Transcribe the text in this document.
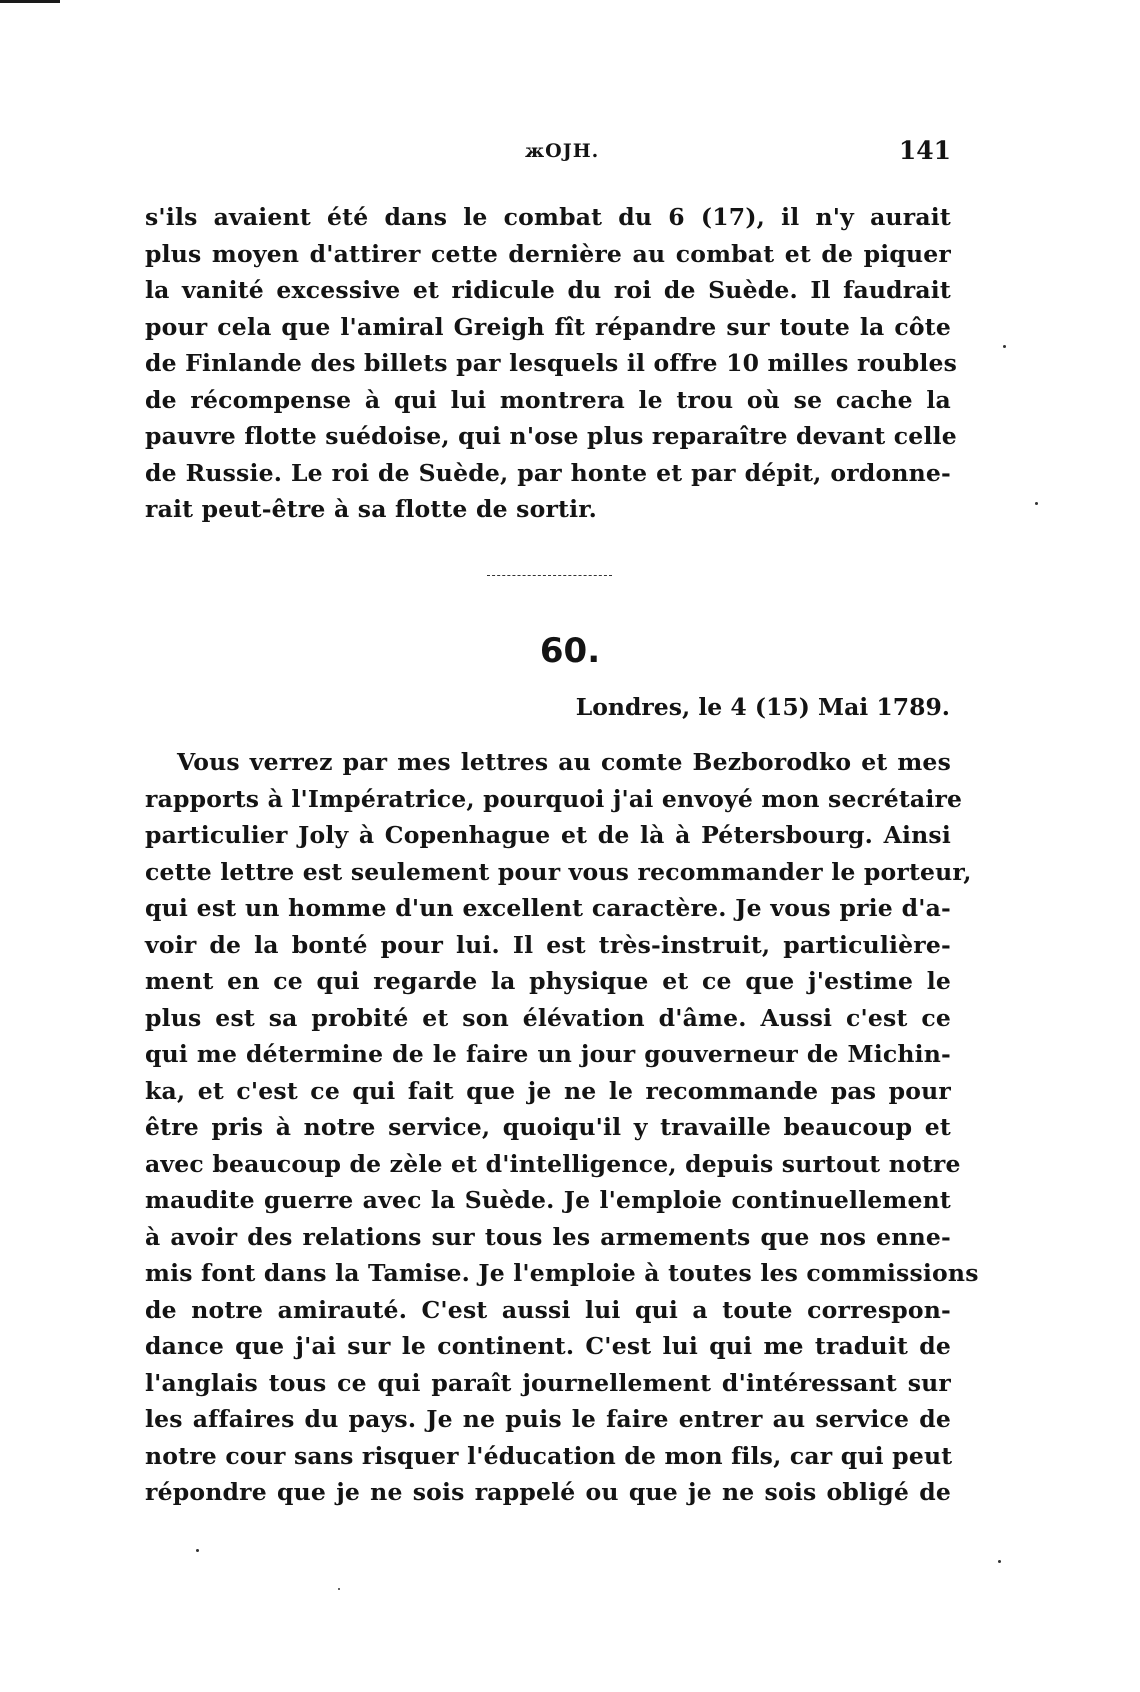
жОЈН.	141
s'ils avaient été dans le combat du 6 (17), il n'y aurait
plus moyen d'attirer cette dernière au combat et de piquer
la vanité excessive et ridicule du roi de Suède. Il faudrait
pour cela que l'amiral Greigh fît répandre sur toute la côte
de Finlande des billets par lesquels il offre 10 milles roubles
de récompense à qui lui montrera le trou où se cache la
pauvre flotte suédoise, qui n'ose plus reparaître devant celle
de Russie. Le roi de Suède, par honte et par dépit, ordonne-
rait peut-être à sa flotte de sortir.
60.
Londres, le 4 (15) Mai 1789.
Vous verrez par mes lettres au comte Bezborodko et mes
rapports à l'Impératrice, pourquoi j'ai envoyé mon secrétaire
particulier Joly à Copenhague et de là à Pétersbourg. Ainsi
cette lettre est seulement pour vous recommander le porteur,
qui est un homme d'un excellent caractère. Je vous prie d'a-
voir de la bonté pour lui. Il est très-instruit, particulière-
ment en ce qui regarde la physique et ce que j'estime le
plus est sa probité et son élévation d'âme. Aussi c'est ce
qui me détermine de le faire un jour gouverneur de Michin-
ka, et c'est ce qui fait que je ne le recommande pas pour
être pris à notre service, quoiqu'il y travaille beaucoup et
avec beaucoup de zèle et d'intelligence, depuis surtout notre
maudite guerre avec la Suède. Je l'emploie continuellement
à avoir des relations sur tous les armements que nos enne-
mis font dans la Tamise. Je l'emploie à toutes les commissions
de notre amirauté. C'est aussi lui qui a toute correspon-
dance que j'ai sur le continent. C'est lui qui me traduit de
l'anglais tous ce qui paraît journellement d'intéressant sur
les affaires du pays. Je ne puis le faire entrer au service de
notre cour sans risquer l'éducation de mon fils, car qui peut
répondre que je ne sois rappelé ou que je ne sois obligé de
